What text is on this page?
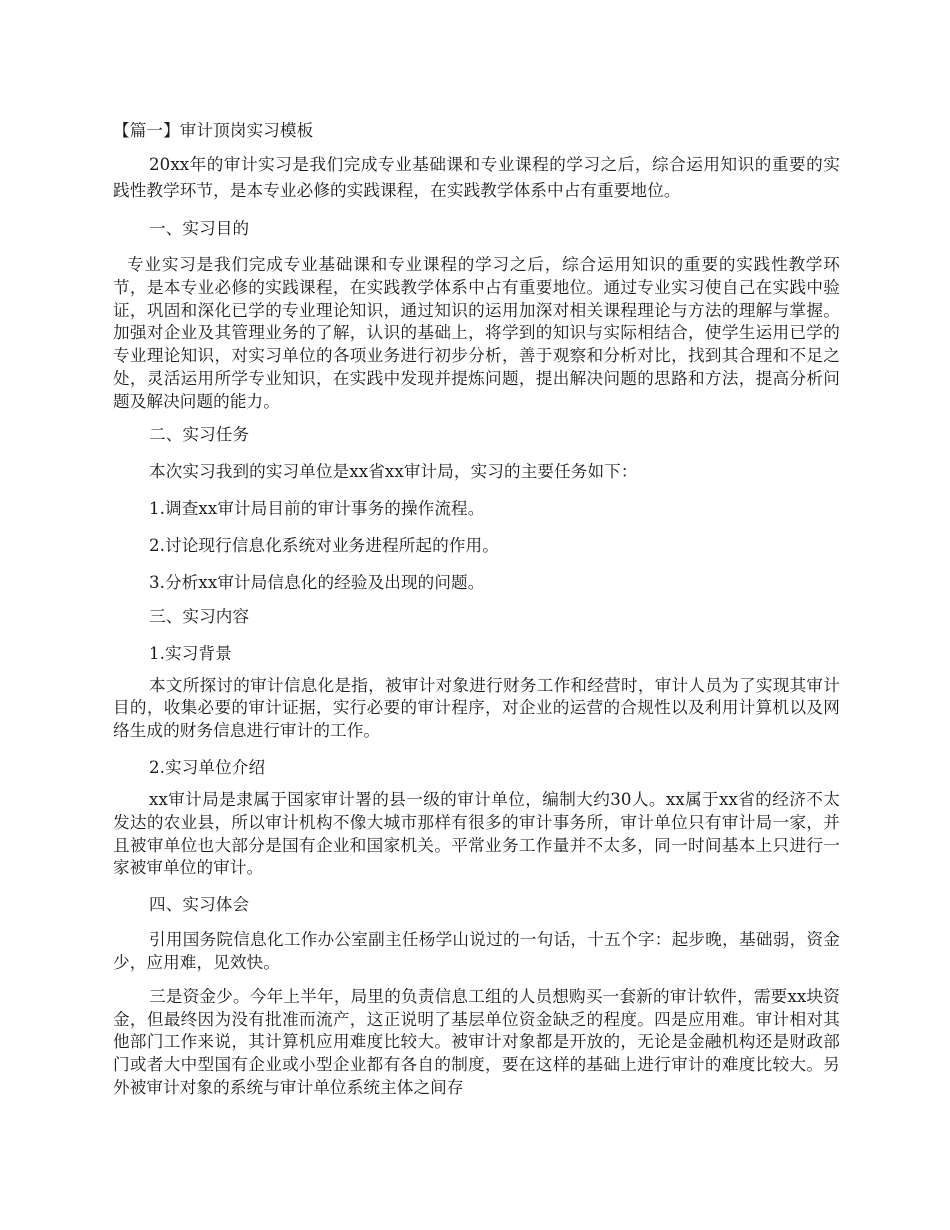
【篇一】审计顶岗实习模板

20xx年的审计实习是我们完成专业基础课和专业课程的学习之后，综合运用知识的重要的实践性教学环节，是本专业必修的实践课程，在实践教学体系中占有重要地位。

一、实习目的

专业实习是我们完成专业基础课和专业课程的学习之后，综合运用知识的重要的实践性教学环节，是本专业必修的实践课程，在实践教学体系中占有重要地位。通过专业实习使自己在实践中验证，巩固和深化已学的专业理论知识，通过知识的运用加深对相关课程理论与方法的理解与掌握。加强对企业及其管理业务的了解，认识的基础上，将学到的知识与实际相结合，使学生运用已学的专业理论知识，对实习单位的各项业务进行初步分析，善于观察和分析对比，找到其合理和不足之处，灵活运用所学专业知识，在实践中发现并提炼问题，提出解决问题的思路和方法，提高分析问题及解决问题的能力。

二、实习任务

本次实习我到的实习单位是xx省xx审计局，实习的主要任务如下：

1.调查xx审计局目前的审计事务的操作流程。

2.讨论现行信息化系统对业务进程所起的作用。

3.分析xx审计局信息化的经验及出现的问题。

三、实习内容

1.实习背景

本文所探讨的审计信息化是指，被审计对象进行财务工作和经营时，审计人员为了实现其审计目的，收集必要的审计证据，实行必要的审计程序，对企业的运营的合规性以及利用计算机以及网络生成的财务信息进行审计的工作。

2.实习单位介绍

xx审计局是隶属于国家审计署的县一级的审计单位，编制大约30人。xx属于xx省的经济不太发达的农业县，所以审计机构不像大城市那样有很多的审计事务所，审计单位只有审计局一家，并且被审单位也大部分是国有企业和国家机关。平常业务工作量并不太多，同一时间基本上只进行一家被审单位的审计。

四、实习体会

引用国务院信息化工作办公室副主任杨学山说过的一句话，十五个字：起步晚，基础弱，资金少，应用难，见效快。

三是资金少。今年上半年，局里的负责信息工组的人员想购买一套新的审计软件，需要xx块资金，但最终因为没有批准而流产，这正说明了基层单位资金缺乏的程度。四是应用难。审计相对其他部门工作来说，其计算机应用难度比较大。被审计对象都是开放的，无论是金融机构还是财政部门或者大中型国有企业或小型企业都有各自的制度，要在这样的基础上进行审计的难度比较大。另外被审计对象的系统与审计单位系统主体之间存
